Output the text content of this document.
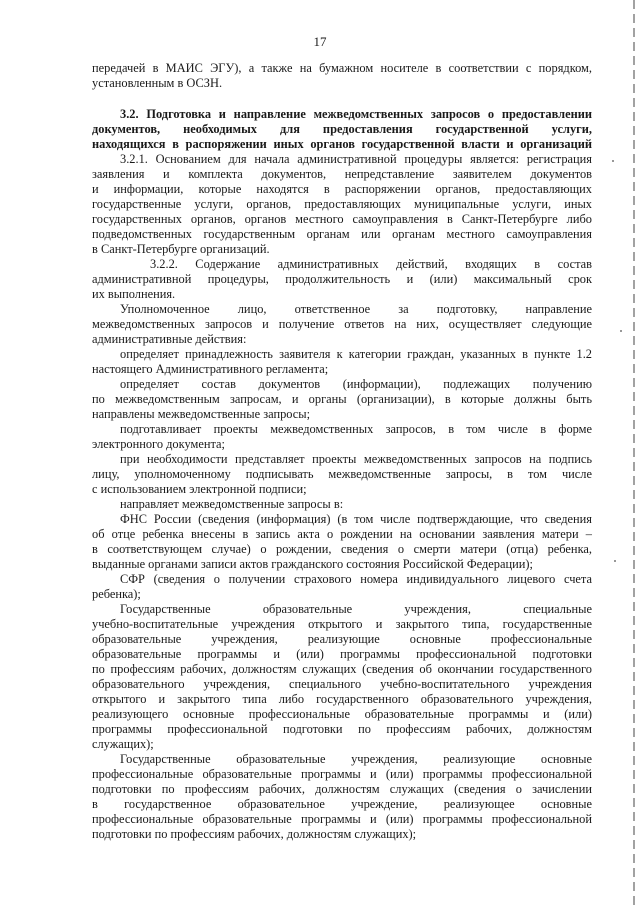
17
передачей в МАИС ЭГУ), а также на бумажном носителе в соответствии с порядком,
установленным в ОСЗН.
3.2. Подготовка и направление межведомственных запросов о предоставлении
документов, необходимых для предоставления государственной услуги,
находящихся в распоряжении иных органов государственной власти и организаций
3.2.1. Основанием для начала административной процедуры является: регистрация
заявления и комплекта документов, непредставление заявителем документов
и информации, которые находятся в распоряжении органов, предоставляющих
государственные услуги, органов, предоставляющих муниципальные услуги, иных
государственных органов, органов местного самоуправления в Санкт-Петербурге либо
подведомственных государственным органам или органам местного самоуправления
в Санкт-Петербурге организаций.
3.2.2. Содержание административных действий, входящих в состав
административной процедуры, продолжительность и (или) максимальный срок
их выполнения.
Уполномоченное лицо, ответственное за подготовку, направление
межведомственных запросов и получение ответов на них, осуществляет следующие
административные действия:
определяет принадлежность заявителя к категории граждан, указанных в пункте 1.2
настоящего Административного регламента;
определяет состав документов (информации), подлежащих получению
по межведомственным запросам, и органы (организации), в которые должны быть
направлены межведомственные запросы;
подготавливает проекты межведомственных запросов, в том числе в форме
электронного документа;
при необходимости представляет проекты межведомственных запросов на подпись
лицу, уполномоченному подписывать межведомственные запросы, в том числе
с использованием электронной подписи;
направляет межведомственные запросы в:
ФНС России (сведения (информация) (в том числе подтверждающие, что сведения
об отце ребенка внесены в запись акта о рождении на основании заявления матери –
в соответствующем случае) о рождении, сведения о смерти матери (отца) ребенка,
выданные органами записи актов гражданского состояния Российской Федерации);
СФР (сведения о получении страхового номера индивидуального лицевого счета
ребенка);
Государственные образовательные учреждения, специальные
учебно-воспитательные учреждения открытого и закрытого типа, государственные
образовательные учреждения, реализующие основные профессиональные
образовательные программы и (или) программы профессиональной подготовки
по профессиям рабочих, должностям служащих (сведения об окончании государственного
образовательного учреждения, специального учебно-воспитательного учреждения
открытого и закрытого типа либо государственного образовательного учреждения,
реализующего основные профессиональные образовательные программы и (или)
программы профессиональной подготовки по профессиям рабочих, должностям
служащих);
Государственные образовательные учреждения, реализующие основные
профессиональные образовательные программы и (или) программы профессиональной
подготовки по профессиям рабочих, должностям служащих (сведения о зачислении
в государственное образовательное учреждение, реализующее основные
профессиональные образовательные программы и (или) программы профессиональной
подготовки по профессиям рабочих, должностям служащих);
